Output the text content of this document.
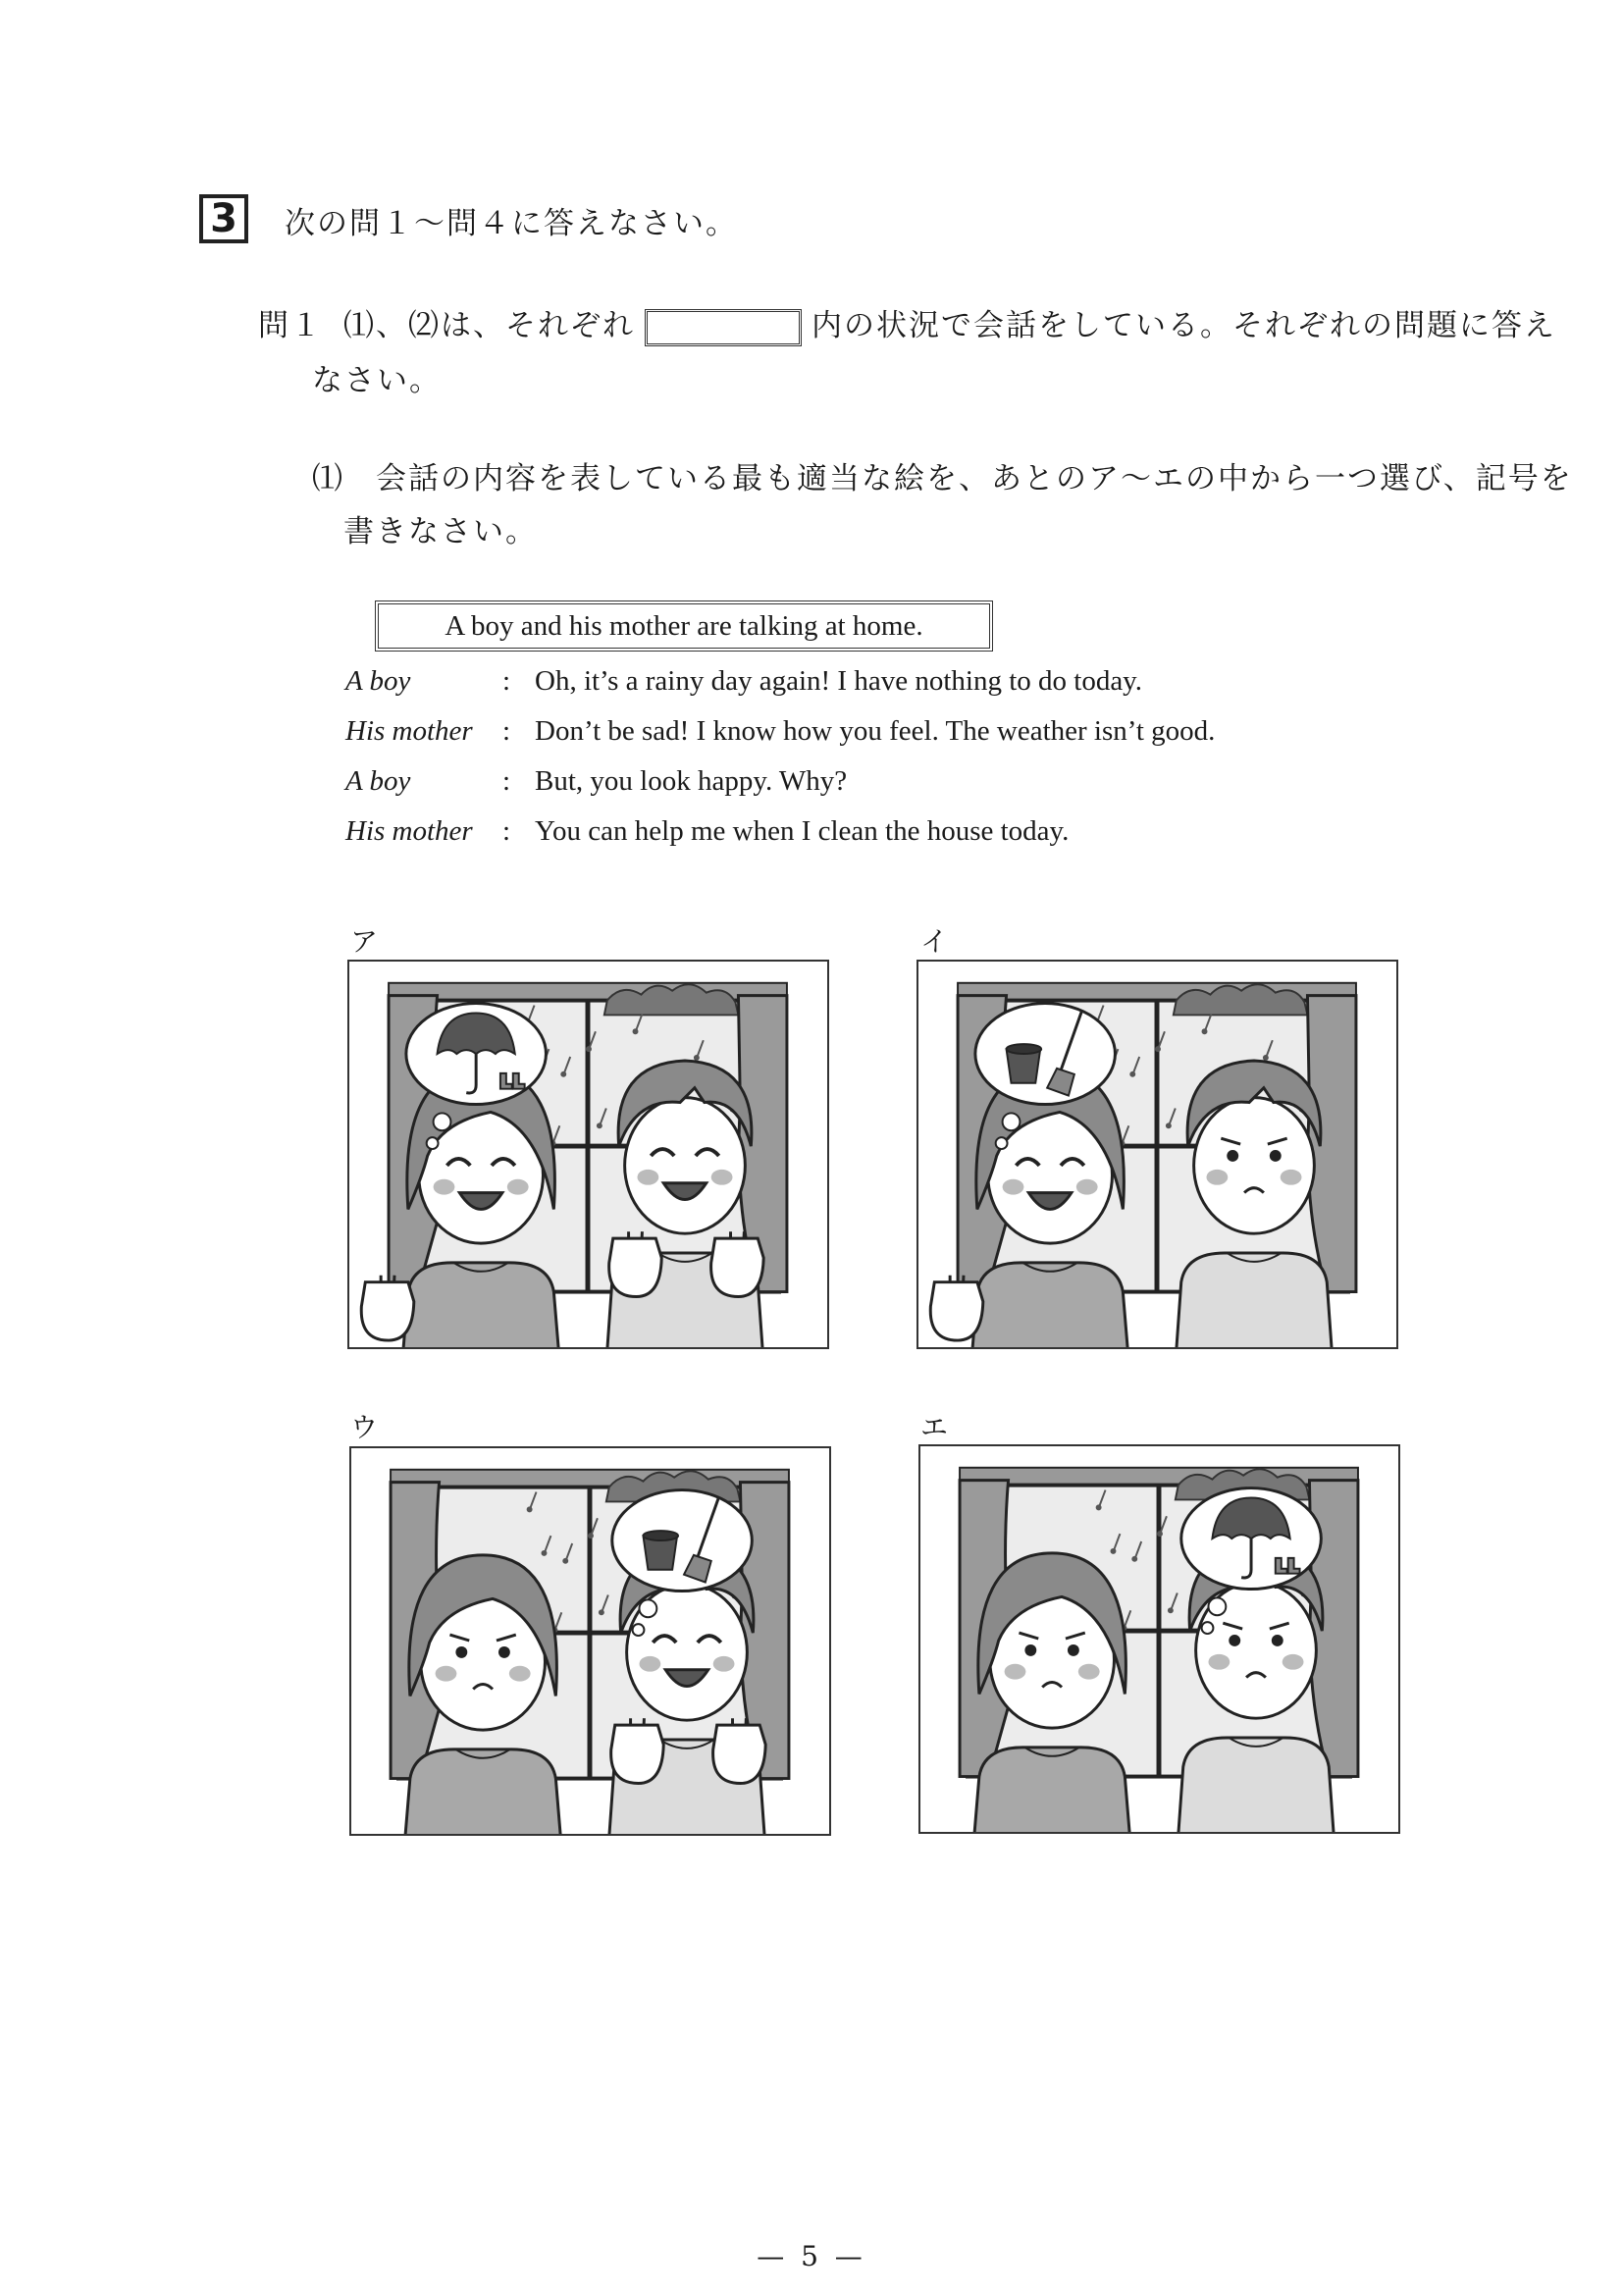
3	次の問１～問４に答えなさい。
問１ ⑴、⑵は、それぞれ	内の状況で会話をしている。それぞれの問題に答え
なさい。
⑴ 会話の内容を表している最も適当な絵を、あとのア～エの中から一つ選び、記号を
書きなさい。
A boy and his mother are talking at home.
A boy	: Oh, it’s a rainy day again! I have nothing to do today.
His mother : Don’t be sad! I know how you feel. The weather isn’t good.
A boy	: But, you look happy. Why?
His mother : You can help me when I clean the house today.
ア	イ
ウ	エ
— 5 —
